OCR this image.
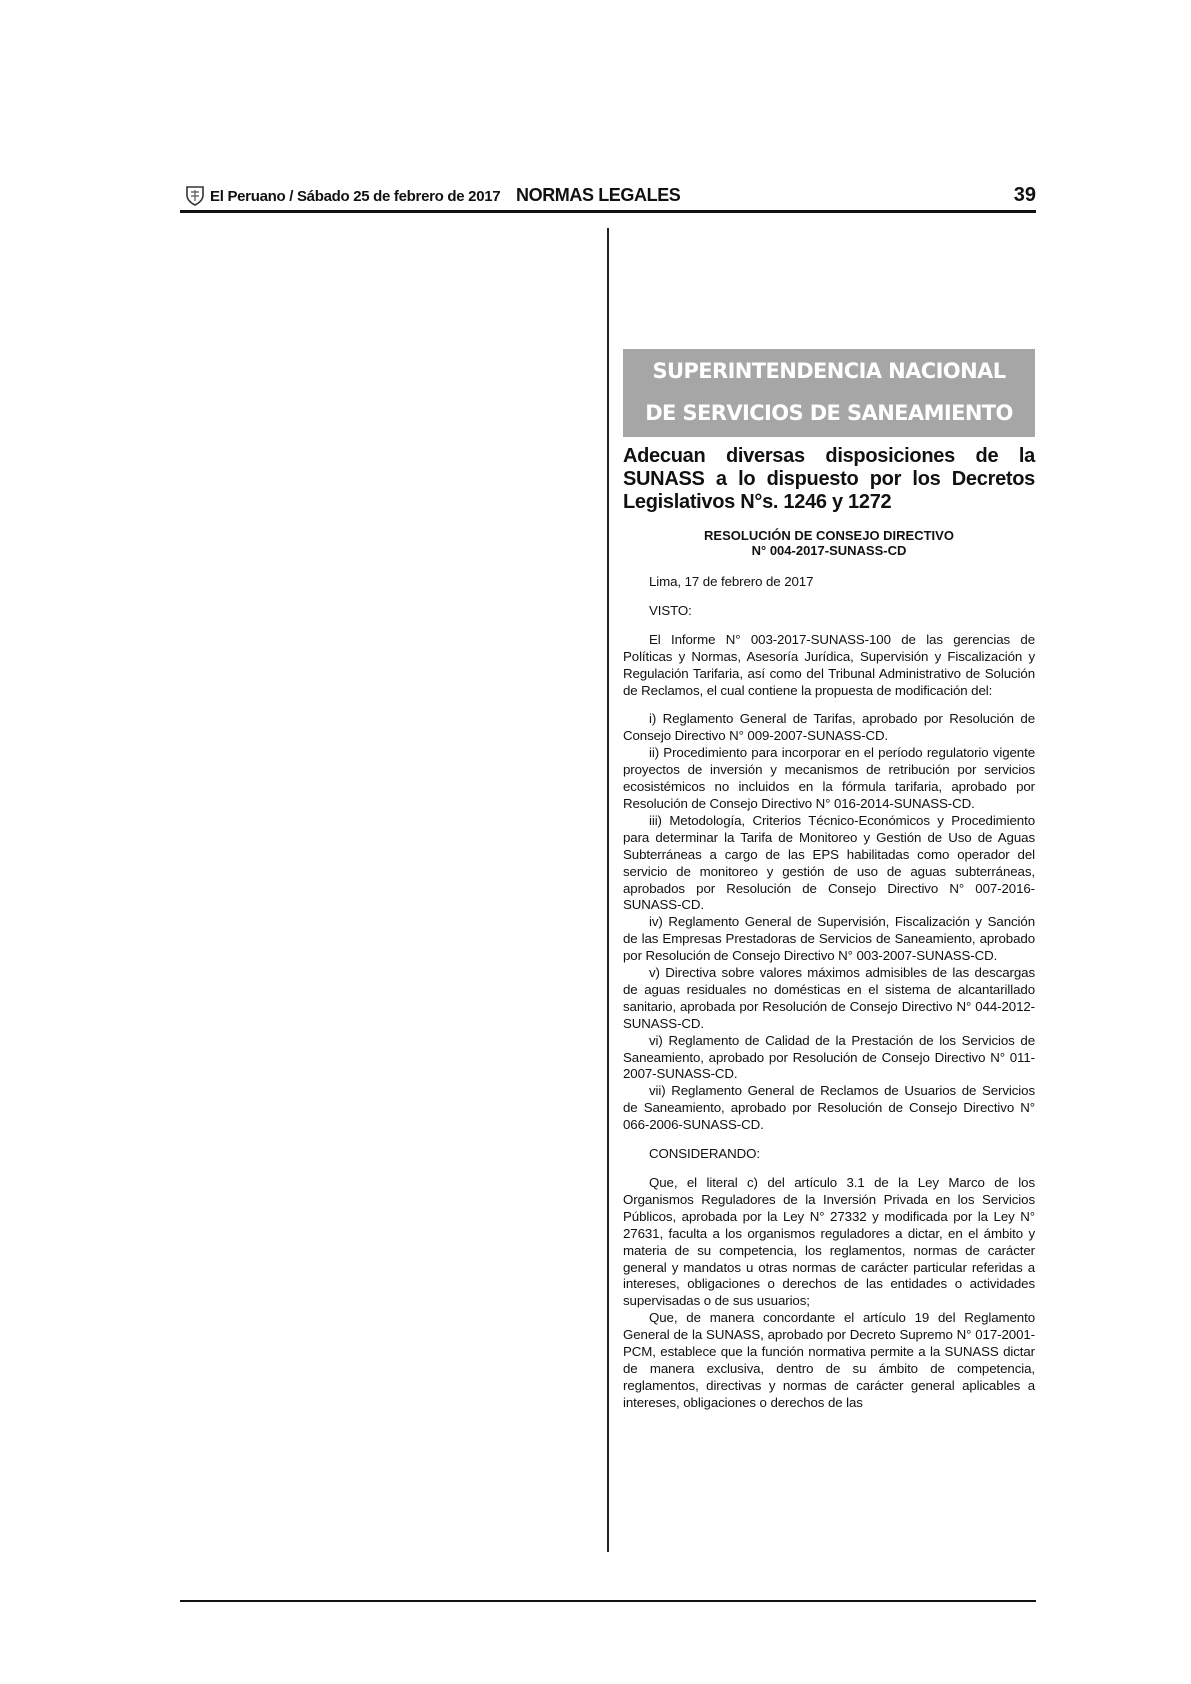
El Peruano / Sábado 25 de febrero de 2017 NORMAS LEGALES	39
SUPERINTENDENCIA NACIONAL
DE SERVICIOS DE SANEAMIENTO
Adecuan diversas disposiciones de la SUNASS a lo dispuesto por los Decretos Legislativos N°s. 1246 y 1272
RESOLUCIÓN DE CONSEJO DIRECTIVO
N° 004-2017-SUNASS-CD

Lima, 17 de febrero de 2017

VISTO:

El Informe N° 003-2017-SUNASS-100 de las gerencias de Políticas y Normas, Asesoría Jurídica, Supervisión y Fiscalización y Regulación Tarifaria, así como del Tribunal Administrativo de Solución de Reclamos, el cual contiene la propuesta de modificación del:

i) Reglamento General de Tarifas, aprobado por Resolución de Consejo Directivo N° 009-2007-SUNASS-CD.

ii) Procedimiento para incorporar en el período regulatorio vigente proyectos de inversión y mecanismos de retribución por servicios ecosistémicos no incluidos en la fórmula tarifaria, aprobado por Resolución de Consejo Directivo N° 016-2014-SUNASS-CD.

iii) Metodología, Criterios Técnico-Económicos y Procedimiento para determinar la Tarifa de Monitoreo y Gestión de Uso de Aguas Subterráneas a cargo de las EPS habilitadas como operador del servicio de monitoreo y gestión de uso de aguas subterráneas, aprobados por Resolución de Consejo Directivo N° 007-2016-SUNASS-CD.

iv) Reglamento General de Supervisión, Fiscalización y Sanción de las Empresas Prestadoras de Servicios de Saneamiento, aprobado por Resolución de Consejo Directivo N° 003-2007-SUNASS-CD.

v) Directiva sobre valores máximos admisibles de las descargas de aguas residuales no domésticas en el sistema de alcantarillado sanitario, aprobada por Resolución de Consejo Directivo N° 044-2012-SUNASS-CD.

vi) Reglamento de Calidad de la Prestación de los Servicios de Saneamiento, aprobado por Resolución de Consejo Directivo N° 011-2007-SUNASS-CD.

vii) Reglamento General de Reclamos de Usuarios de Servicios de Saneamiento, aprobado por Resolución de Consejo Directivo N° 066-2006-SUNASS-CD.

CONSIDERANDO:

Que, el literal c) del artículo 3.1 de la Ley Marco de los Organismos Reguladores de la Inversión Privada en los Servicios Públicos, aprobada por la Ley N° 27332 y modificada por la Ley N° 27631, faculta a los organismos reguladores a dictar, en el ámbito y materia de su competencia, los reglamentos, normas de carácter general y mandatos u otras normas de carácter particular referidas a intereses, obligaciones o derechos de las entidades o actividades supervisadas o de sus usuarios;

Que, de manera concordante el artículo 19 del Reglamento General de la SUNASS, aprobado por Decreto Supremo N° 017-2001-PCM, establece que la función normativa permite a la SUNASS dictar de manera exclusiva, dentro de su ámbito de competencia, reglamentos, directivas y normas de carácter general aplicables a intereses, obligaciones o derechos de las
